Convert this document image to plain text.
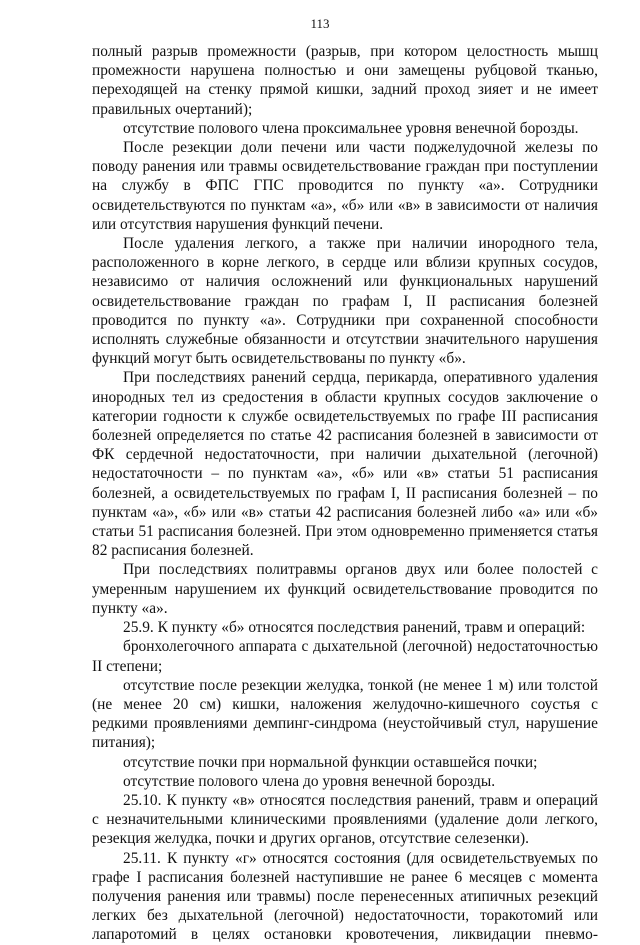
113

полный разрыв промежности (разрыв, при котором целостность мышц промежности нарушена полностью и они замещены рубцовой тканью, переходящей на стенку прямой кишки, задний проход зияет и не имеет правильных очертаний);

отсутствие полового члена проксимальнее уровня венечной борозды.

После резекции доли печени или части поджелудочной железы по поводу ранения или травмы освидетельствование граждан при поступлении на службу в ФПС ГПС проводится по пункту «а». Сотрудники освидетельствуются по пунктам «а», «б» или «в» в зависимости от наличия или отсутствия нарушения функций печени.

После удаления легкого, а также при наличии инородного тела, расположенного в корне легкого, в сердце или вблизи крупных сосудов, независимо от наличия осложнений или функциональных нарушений освидетельствование граждан по графам I, II расписания болезней проводится по пункту «а». Сотрудники при сохраненной способности исполнять служебные обязанности и отсутствии значительного нарушения функций могут быть освидетельствованы по пункту «б».

При последствиях ранений сердца, перикарда, оперативного удаления инородных тел из средостения в области крупных сосудов заключение о категории годности к службе освидетельствуемых по графе III расписания болезней определяется по статье 42 расписания болезней в зависимости от ФК сердечной недостаточности, при наличии дыхательной (легочной) недостаточности – по пунктам «а», «б» или «в» статьи 51 расписания болезней, а освидетельствуемых по графам I, II расписания болезней – по пунктам «а», «б» или «в» статьи 42 расписания болезней либо «а» или «б» статьи 51 расписания болезней. При этом одновременно применяется статья 82 расписания болезней.

При последствиях политравмы органов двух или более полостей с умеренным нарушением их функций освидетельствование проводится по пункту «а».

25.9. К пункту «б» относятся последствия ранений, травм и операций:

бронхолегочного аппарата с дыхательной (легочной) недостаточностью II степени;

отсутствие после резекции желудка, тонкой (не менее 1 м) или толстой (не менее 20 см) кишки, наложения желудочно-кишечного соустья с редкими проявлениями демпинг-синдрома (неустойчивый стул, нарушение питания);

отсутствие почки при нормальной функции оставшейся почки;

отсутствие полового члена до уровня венечной борозды.

25.10. К пункту «в» относятся последствия ранений, травм и операций с незначительными клиническими проявлениями (удаление доли легкого, резекция желудка, почки и других органов, отсутствие селезенки).

25.11. К пункту «г» относятся состояния (для освидетельствуемых по графе I расписания болезней наступившие не ранее 6 месяцев с момента получения ранения или травмы) после перенесенных атипичных резекций легких без дыхательной (легочной) недостаточности, торакотомий или лапаротомий в целях остановки кровотечения, ликвидации пневмо-
